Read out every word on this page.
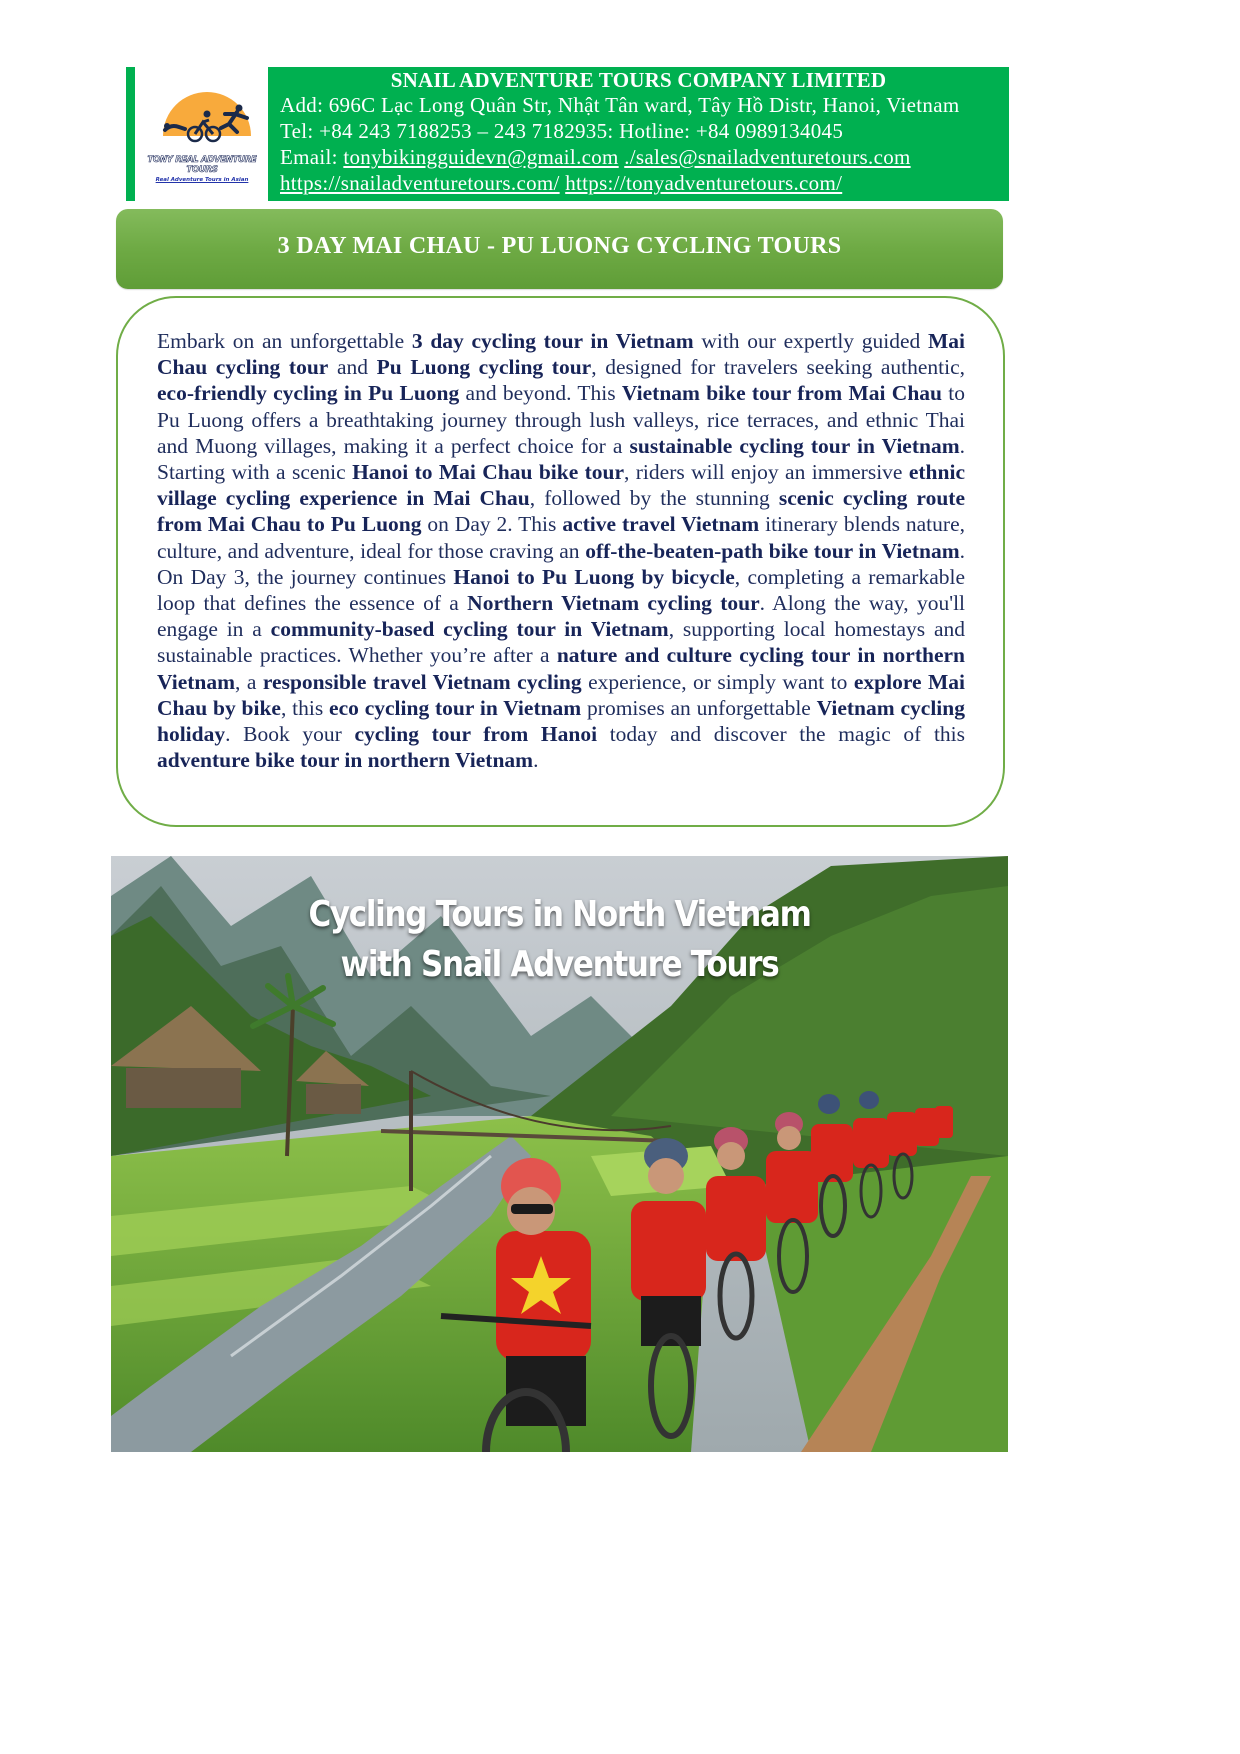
TONY REAL ADVENTURE TOURS
Real Adventure Tours in Asian
SNAIL ADVENTURE TOURS COMPANY LIMITED
Add: 696C Lạc Long Quân Str, Nhật Tân ward, Tây Hồ Distr, Hanoi, Vietnam
Tel: +84 243 7188253 – 243 7182935: Hotline: +84 0989134045
Email: tonybikingguidevn@gmail.com ./sales@snailadventuretours.com
https://snailadventuretours.com/ https://tonyadventuretours.com/
3 DAY MAI CHAU - PU LUONG CYCLING TOURS
Embark on an unforgettable 3 day cycling tour in Vietnam with our expertly guided Mai Chau cycling tour and Pu Luong cycling tour, designed for travelers seeking authentic, eco-friendly cycling in Pu Luong and beyond. This Vietnam bike tour from Mai Chau to Pu Luong offers a breathtaking journey through lush valleys, rice terraces, and ethnic Thai and Muong villages, making it a perfect choice for a sustainable cycling tour in Vietnam. Starting with a scenic Hanoi to Mai Chau bike tour, riders will enjoy an immersive ethnic village cycling experience in Mai Chau, followed by the stunning scenic cycling route from Mai Chau to Pu Luong on Day 2. This active travel Vietnam itinerary blends nature, culture, and adventure, ideal for those craving an off-the-beaten-path bike tour in Vietnam. On Day 3, the journey continues Hanoi to Pu Luong by bicycle, completing a remarkable loop that defines the essence of a Northern Vietnam cycling tour. Along the way, you'll engage in a community-based cycling tour in Vietnam, supporting local homestays and sustainable practices. Whether you’re after a nature and culture cycling tour in northern Vietnam, a responsible travel Vietnam cycling experience, or simply want to explore Mai Chau by bike, this eco cycling tour in Vietnam promises an unforgettable Vietnam cycling holiday. Book your cycling tour from Hanoi today and discover the magic of this adventure bike tour in northern Vietnam.
Cycling Tours in North Vietnam
with Snail Adventure Tours
